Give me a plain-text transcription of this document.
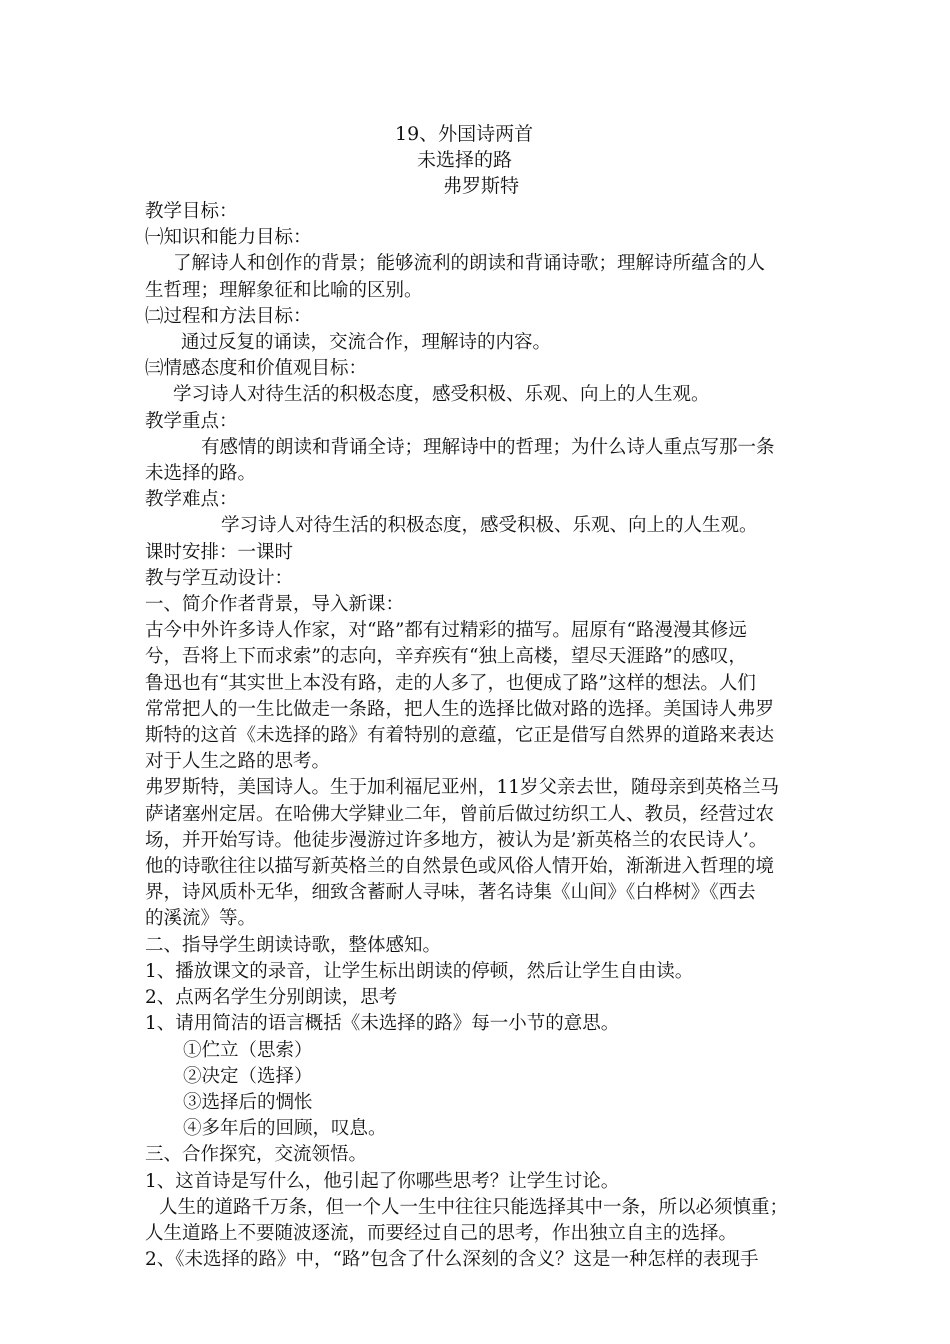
19、外国诗两首
未选择的路
弗罗斯特
教学目标：
㈠知识和能力目标：
了解诗人和创作的背景；能够流利的朗读和背诵诗歌；理解诗所蕴含的人
生哲理；理解象征和比喻的区别。
㈡过程和方法目标：
通过反复的诵读，交流合作，理解诗的内容。
㈢情感态度和价值观目标：
学习诗人对待生活的积极态度，感受积极、乐观、向上的人生观。
教学重点：
有感情的朗读和背诵全诗；理解诗中的哲理；为什么诗人重点写那一条
未选择的路。
教学难点：
学习诗人对待生活的积极态度，感受积极、乐观、向上的人生观。
课时安排：一课时
教与学互动设计：
一、简介作者背景，导入新课：
古今中外许多诗人作家，对“路”都有过精彩的描写。屈原有“路漫漫其修远
兮，吾将上下而求索”的志向，辛弃疾有“独上高楼，望尽天涯路”的感叹，
鲁迅也有“其实世上本没有路，走的人多了，也便成了路”这样的想法。人们
常常把人的一生比做走一条路，把人生的选择比做对路的选择。美国诗人弗罗
斯特的这首《未选择的路》有着特别的意蕴，它正是借写自然界的道路来表达
对于人生之路的思考。
弗罗斯特，美国诗人。生于加利福尼亚州，11岁父亲去世，随母亲到英格兰马
萨诸塞州定居。在哈佛大学肄业二年，曾前后做过纺织工人、教员，经营过农
场，并开始写诗。他徒步漫游过许多地方，被认为是’新英格兰的农民诗人’。
他的诗歌往往以描写新英格兰的自然景色或风俗人情开始，渐渐进入哲理的境
界，诗风质朴无华，细致含蓄耐人寻味，著名诗集《山间》《白桦树》《西去
的溪流》等。
二、指导学生朗读诗歌，整体感知。
1、播放课文的录音，让学生标出朗读的停顿，然后让学生自由读。
2、点两名学生分别朗读，思考
1、请用简洁的语言概括《未选择的路》每一小节的意思。
①伫立（思索）
②决定（选择）
③选择后的惆怅
④多年后的回顾，叹息。
三、合作探究，交流领悟。
1、这首诗是写什么，他引起了你哪些思考？让学生讨论。
人生的道路千万条，但一个人一生中往往只能选择其中一条，所以必须慎重；
人生道路上不要随波逐流，而要经过自己的思考，作出独立自主的选择。
2、《未选择的路》中，“路”包含了什么深刻的含义？这是一种怎样的表现手
